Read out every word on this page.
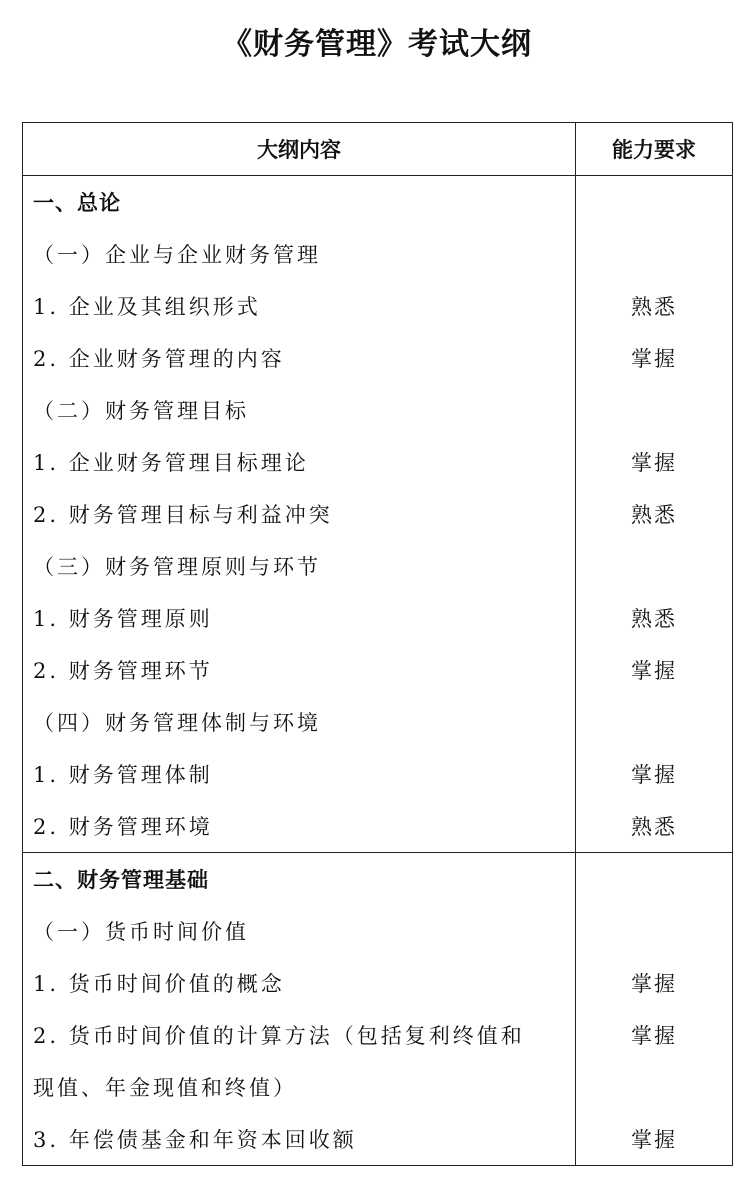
《财务管理》考试大纲
大纲内容	能力要求
一、总论	
（一）企业与企业财务管理	
1. 企业及其组织形式	熟悉
2. 企业财务管理的内容	掌握
（二）财务管理目标	
1. 企业财务管理目标理论	掌握
2. 财务管理目标与利益冲突	熟悉
（三）财务管理原则与环节	
1. 财务管理原则	熟悉
2. 财务管理环节	掌握
（四）财务管理体制与环境	
1. 财务管理体制	掌握
2. 财务管理环境	熟悉
二、财务管理基础	
（一）货币时间价值	
1. 货币时间价值的概念	掌握
2. 货币时间价值的计算方法（包括复利终值和	掌握
现值、年金现值和终值）	
3. 年偿债基金和年资本回收额	掌握
